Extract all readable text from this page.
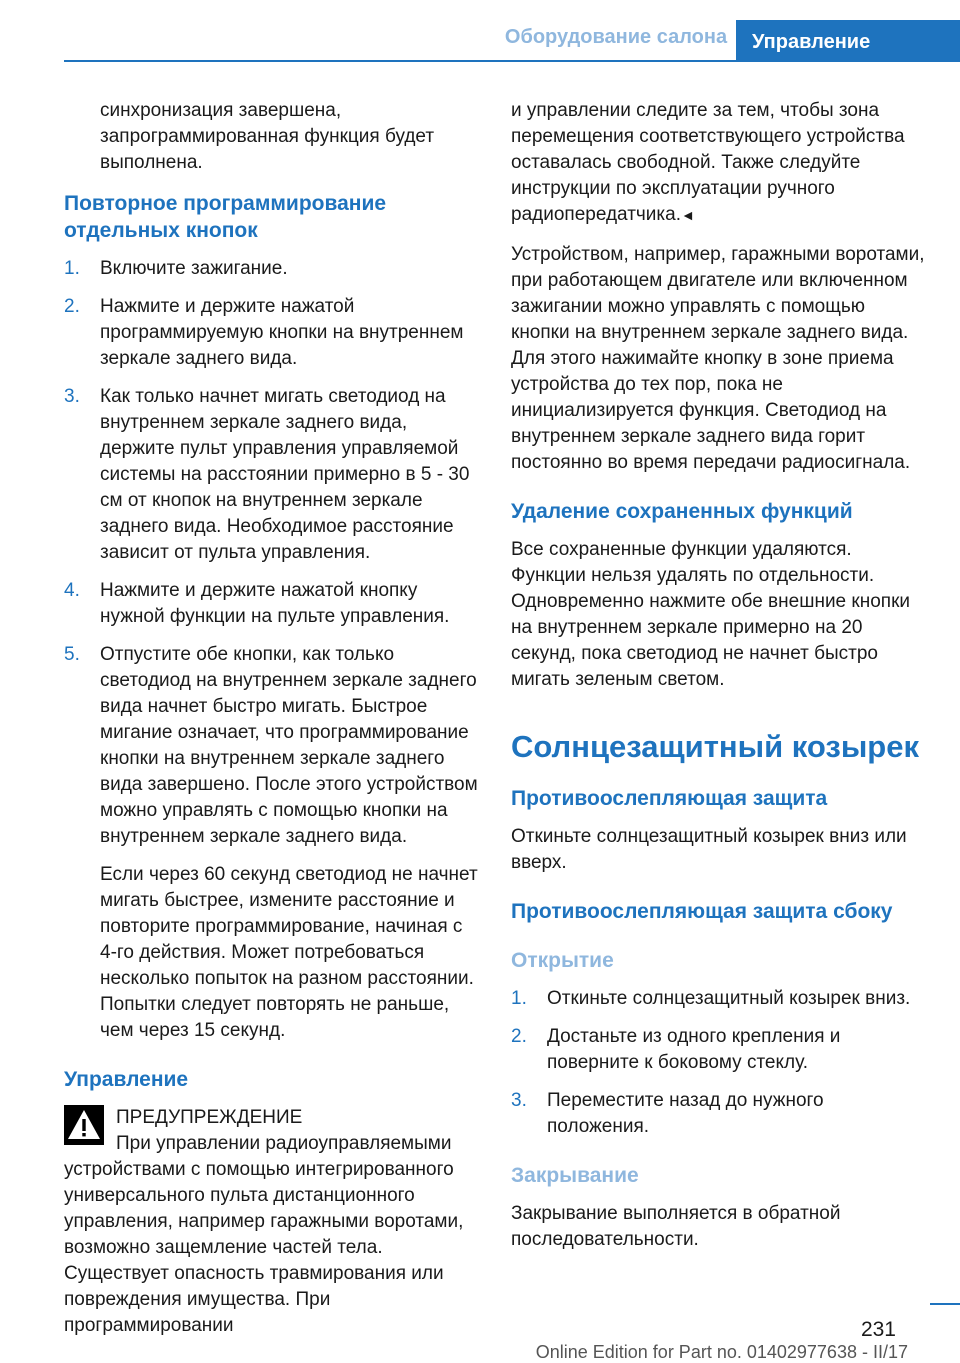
Оборудование салона	Управление

синхронизация завершена, запрограммированная функция будет выполнена.

Повторное программирование отдельных кнопок
1. Включите зажигание.
2. Нажмите и держите нажатой программируемую кнопки на внутреннем зеркале заднего вида.
3. Как только начнет мигать светодиод на внутреннем зеркале заднего вида, держите пульт управления управляемой системы на расстоянии примерно в 5 - 30 см от кнопок на внутреннем зеркале заднего вида. Необходимое расстояние зависит от пульта управления.
4. Нажмите и держите нажатой кнопку нужной функции на пульте управления.
5. Отпустите обе кнопки, как только светодиод на внутреннем зеркале заднего вида начнет быстро мигать. Быстрое мигание означает, что программирование кнопки на внутреннем зеркале заднего вида завершено. После этого устройством можно управлять с помощью кнопки на внутреннем зеркале заднего вида.
Если через 60 секунд светодиод не начнет мигать быстрее, измените расстояние и повторите программирование, начиная с 4-го действия. Может потребоваться несколько попыток на разном расстоянии. Попытки следует повторять не раньше, чем через 15 секунд.
Управление
ПРЕДУПРЕЖДЕНИЕ
При управлении радиоуправляемыми
устройствами с помощью интегрированного универсального пульта дистанционного управления, например гаражными воротами, возможно защемление частей тела. Существует опасность травмирования или повреждения имущества. При программировании

и управлении следите за тем, чтобы зона перемещения соответствующего устройства оставалась свободной. Также следуйте инструкции по эксплуатации ручного радиопередатчика.◄

Устройством, например, гаражными воротами, при работающем двигателе или включенном зажигании можно управлять с помощью кнопки на внутреннем зеркале заднего вида. Для этого нажимайте кнопку в зоне приема устройства до тех пор, пока не инициализируется функция. Светодиод на внутреннем зеркале заднего вида горит постоянно во время передачи радиосигнала.

Удаление сохраненных функций

Все сохраненные функции удаляются. Функции нельзя удалять по отдельности. Одновременно нажмите обе внешние кнопки на внутреннем зеркале примерно на 20 секунд, пока светодиод не начнет быстро мигать зеленым светом.

Солнцезащитный козырек
Противоослепляющая защита

Откиньте солнцезащитный козырек вниз или вверх.

Противоослепляющая защита сбоку
Открытие
1. Откиньте солнцезащитный козырек вниз.
2. Достаньте из одного крепления и поверните к боковому стеклу.
3. Переместите назад до нужного положения.
Закрывание

Закрывание выполняется в обратной последовательности.

231
Online Edition for Part no. 01402977638 - II/17
